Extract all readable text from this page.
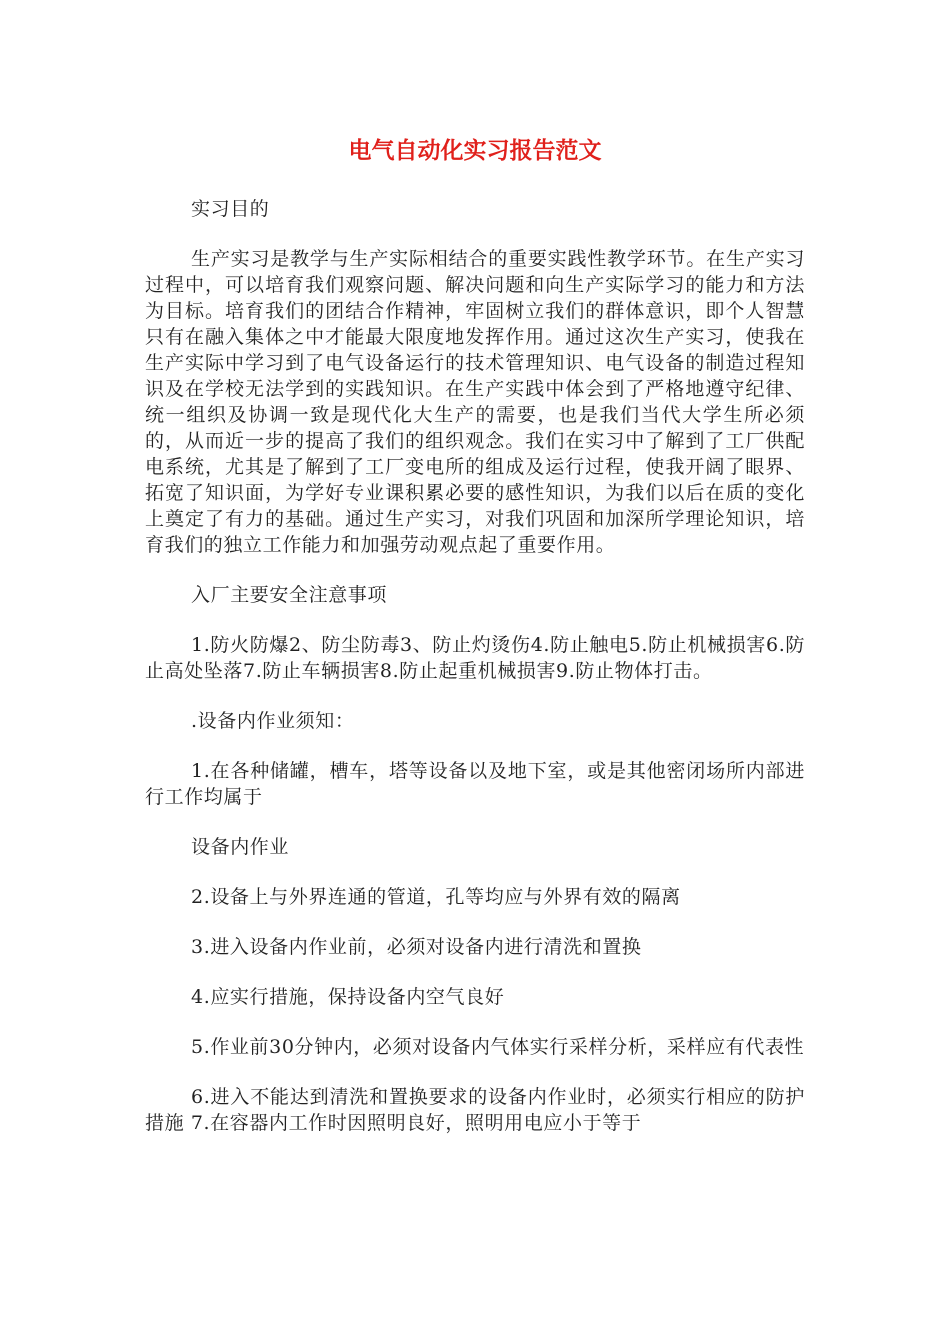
电气自动化实习报告范文

实习目的

生产实习是教学与生产实际相结合的重要实践性教学环节。在生产实习过程中，可以培育我们观察问题、解决问题和向生产实际学习的能力和方法为目标。培育我们的团结合作精神，牢固树立我们的群体意识，即个人智慧只有在融入集体之中才能最大限度地发挥作用。通过这次生产实习，使我在生产实际中学习到了电气设备运行的技术管理知识、电气设备的制造过程知识及在学校无法学到的实践知识。在生产实践中体会到了严格地遵守纪律、统一组织及协调一致是现代化大生产的需要，也是我们当代大学生所必须的，从而近一步的提高了我们的组织观念。我们在实习中了解到了工厂供配电系统，尤其是了解到了工厂变电所的组成及运行过程，使我开阔了眼界、拓宽了知识面，为学好专业课积累必要的感性知识，为我们以后在质的变化上奠定了有力的基础。通过生产实习，对我们巩固和加深所学理论知识，培育我们的独立工作能力和加强劳动观点起了重要作用。

入厂主要安全注意事项

1.防火防爆2、防尘防毒3、防止灼烫伤4.防止触电5.防止机械损害6.防止高处坠落7.防止车辆损害8.防止起重机械损害9.防止物体打击。

.设备内作业须知：

1.在各种储罐，槽车，塔等设备以及地下室，或是其他密闭场所内部进行工作均属于

设备内作业

2.设备上与外界连通的管道，孔等均应与外界有效的隔离

3.进入设备内作业前，必须对设备内进行清洗和置换

4.应实行措施，保持设备内空气良好

5.作业前30分钟内，必须对设备内气体实行采样分析，采样应有代表性

6.进入不能达到清洗和置换要求的设备内作业时，必须实行相应的防护措施 7.在容器内工作时因照明良好，照明用电应小于等于
